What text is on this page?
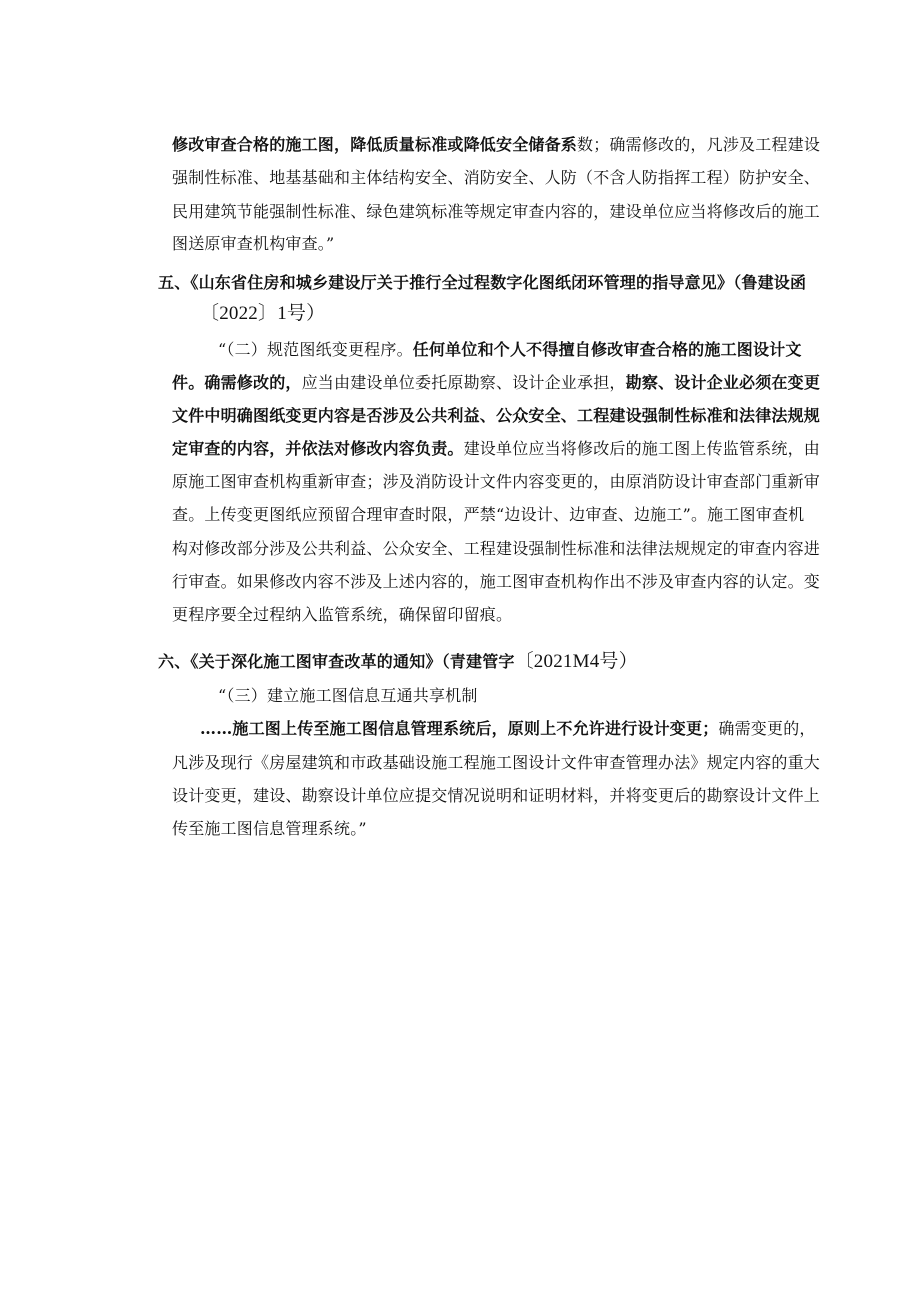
修改审查合格的施工图，降低质量标准或降低安全储备系数；确需修改的，凡涉及工程建设
强制性标准、地基基础和主体结构安全、消防安全、人防（不含人防指挥工程）防护安全、
民用建筑节能强制性标准、绿色建筑标准等规定审查内容的，建设单位应当将修改后的施工
图送原审查机构审查。”
五、《山东省住房和城乡建设厅关于推行全过程数字化图纸闭环管理的指导意见》（鲁建设函
〔2022〕1号）
“（二）规范图纸变更程序。任何单位和个人不得擅自修改审查合格的施工图设计文
件。确需修改的，应当由建设单位委托原勘察、设计企业承担，勘察、设计企业必须在变更
文件中明确图纸变更内容是否涉及公共利益、公众安全、工程建设强制性标准和法律法规规
定审查的内容，并依法对修改内容负责。建设单位应当将修改后的施工图上传监管系统，由
原施工图审查机构重新审查；涉及消防设计文件内容变更的，由原消防设计审查部门重新审
查。上传变更图纸应预留合理审查时限，严禁“边设计、边审查、边施工”。施工图审查机
构对修改部分涉及公共利益、公众安全、工程建设强制性标准和法律法规规定的审查内容进
行审查。如果修改内容不涉及上述内容的，施工图审查机构作出不涉及审查内容的认定。变
更程序要全过程纳入监管系统，确保留印留痕。
六、《关于深化施工图审查改革的通知》（青建管字〔2021M4号）
“（三）建立施工图信息互通共享机制
……施工图上传至施工图信息管理系统后，原则上不允许进行设计变更；确需变更的，
凡涉及现行《房屋建筑和市政基础设施工程施工图设计文件审查管理办法》规定内容的重大
设计变更，建设、勘察设计单位应提交情况说明和证明材料，并将变更后的勘察设计文件上
传至施工图信息管理系统。”
